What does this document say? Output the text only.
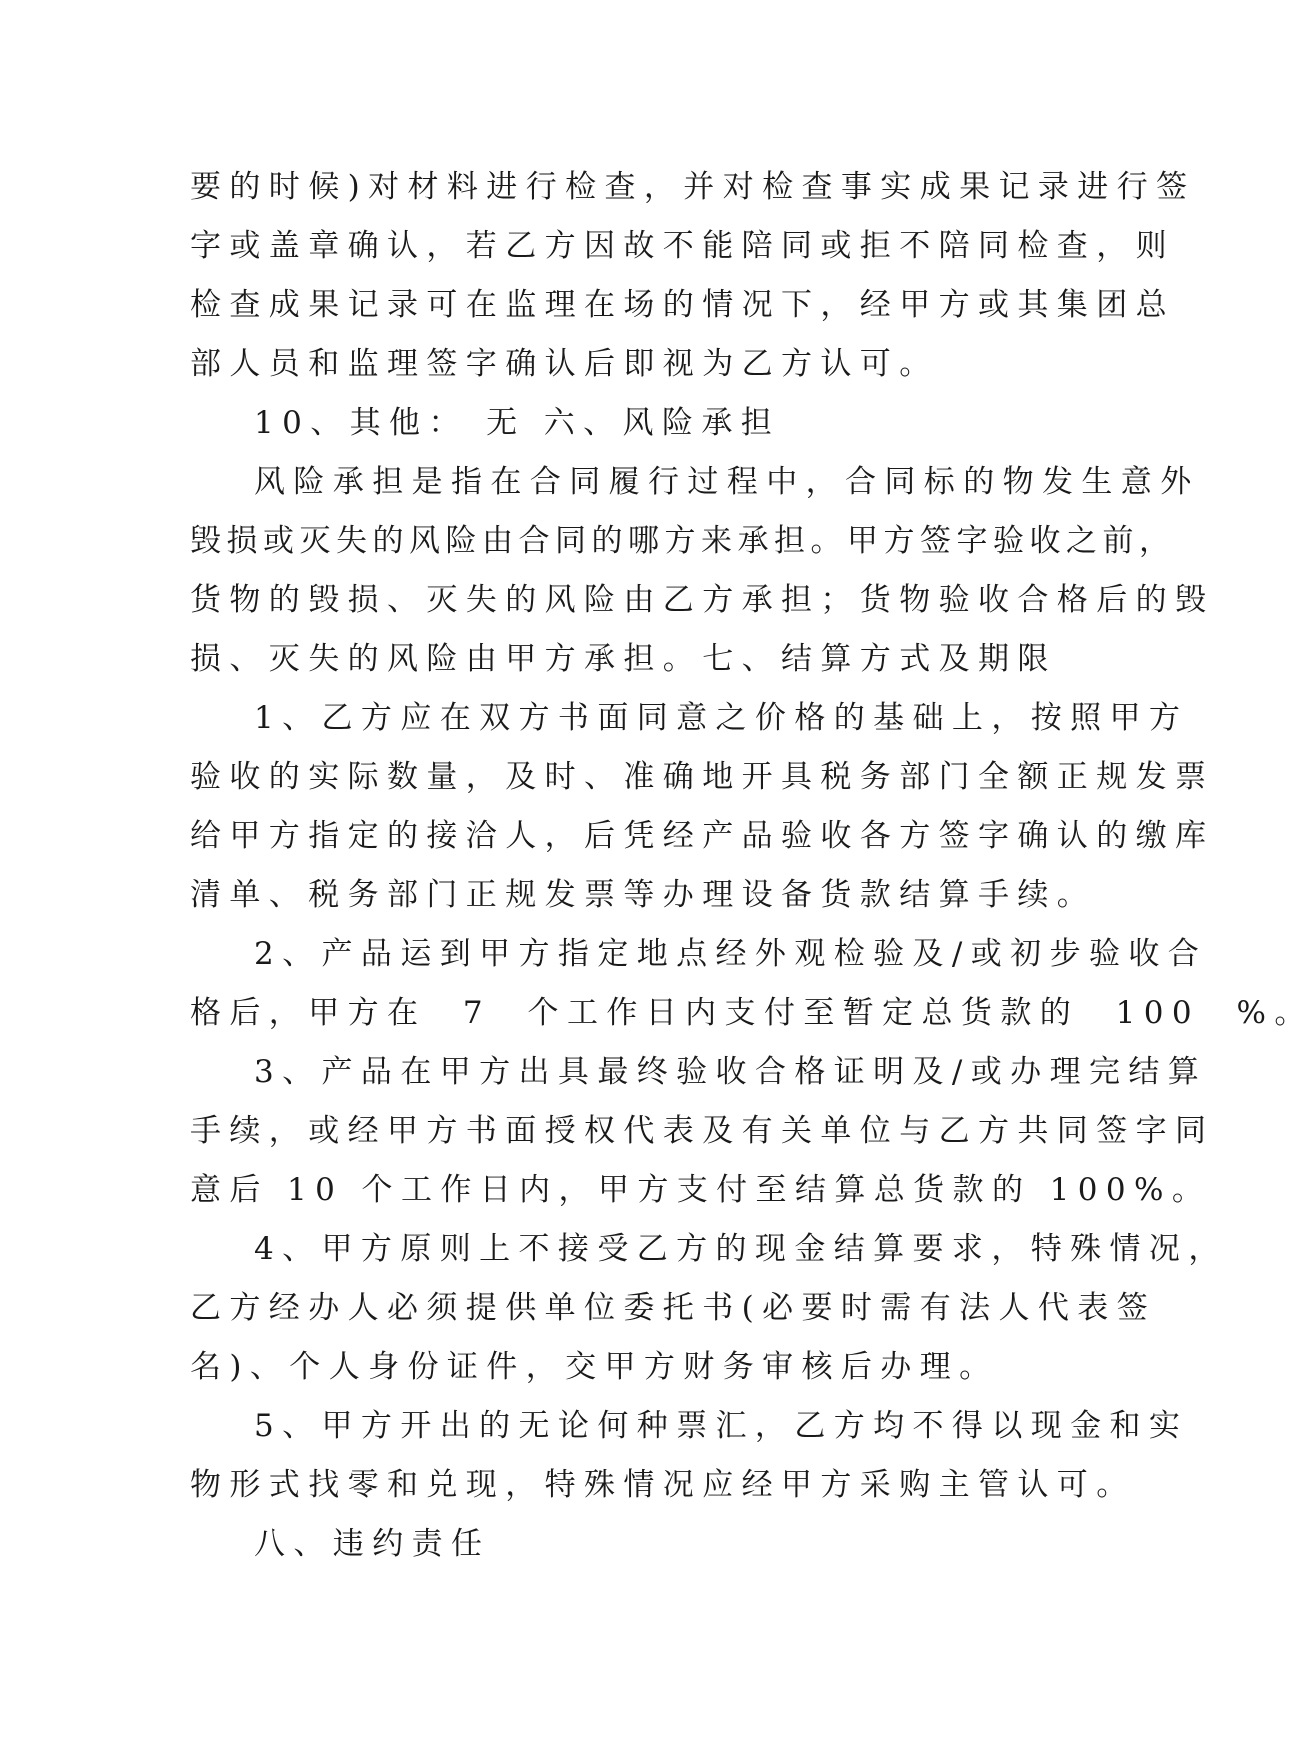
要的时候)对材料进行检查，并对检查事实成果记录进行签
字或盖章确认，若乙方因故不能陪同或拒不陪同检查，则
检查成果记录可在监理在场的情况下，经甲方或其集团总
部人员和监理签字确认后即视为乙方认可。
10、其他： 无 六、风险承担
风险承担是指在合同履行过程中，合同标的物发生意外
毁损或灭失的风险由合同的哪方来承担。甲方签字验收之前，
货物的毁损、灭失的风险由乙方承担；货物验收合格后的毁
损、灭失的风险由甲方承担。七、结算方式及期限
1、乙方应在双方书面同意之价格的基础上，按照甲方
验收的实际数量，及时、准确地开具税务部门全额正规发票
给甲方指定的接洽人，后凭经产品验收各方签字确认的缴库
清单、税务部门正规发票等办理设备货款结算手续。
2、产品运到甲方指定地点经外观检验及/或初步验收合
格后，甲方在  7  个工作日内支付至暂定总货款的  100  %。
3、产品在甲方出具最终验收合格证明及/或办理完结算
手续，或经甲方书面授权代表及有关单位与乙方共同签字同
意后 10 个工作日内，甲方支付至结算总货款的 100%。
4、甲方原则上不接受乙方的现金结算要求，特殊情况，
乙方经办人必须提供单位委托书(必要时需有法人代表签
名)、个人身份证件，交甲方财务审核后办理。
5、甲方开出的无论何种票汇，乙方均不得以现金和实
物形式找零和兑现，特殊情况应经甲方采购主管认可。
八、违约责任
